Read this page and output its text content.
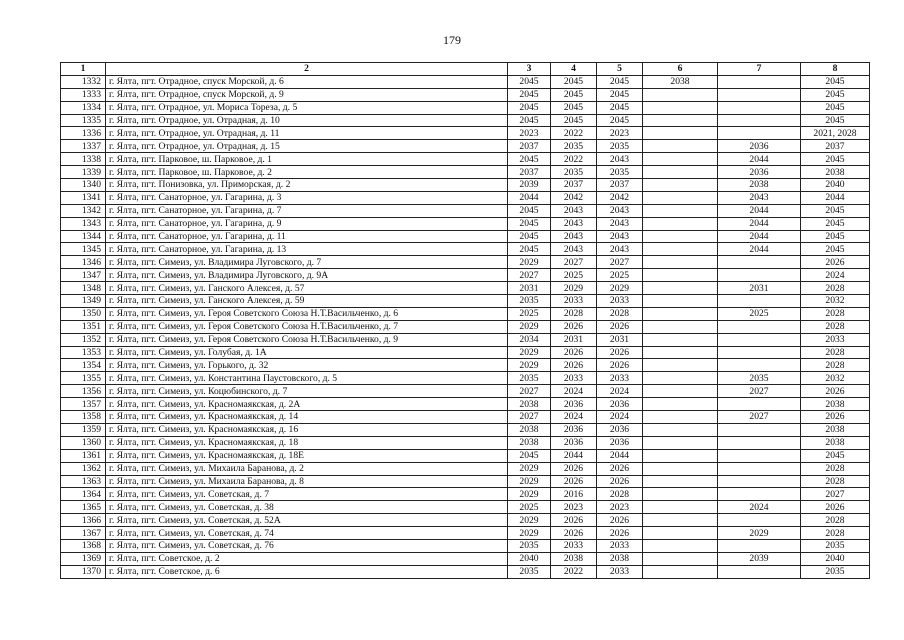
179
1	2	3	4	5	6	7	8
1332	г. Ялта, пгт. Отрадное, спуск Морской, д. 6	2045	2045	2045	2038		2045
1333	г. Ялта, пгт. Отрадное, спуск Морской, д. 9	2045	2045	2045			2045
1334	г. Ялта, пгт. Отрадное, ул. Мориса Тореза, д. 5	2045	2045	2045			2045
1335	г. Ялта, пгт. Отрадное, ул. Отрадная, д. 10	2045	2045	2045			2045
1336	г. Ялта, пгт. Отрадное, ул. Отрадная, д. 11	2023	2022	2023			2021, 2028
1337	г. Ялта, пгт. Отрадное, ул. Отрадная, д. 15	2037	2035	2035		2036	2037
1338	г. Ялта, пгт. Парковое, ш. Парковое, д. 1	2045	2022	2043		2044	2045
1339	г. Ялта, пгт. Парковое, ш. Парковое, д. 2	2037	2035	2035		2036	2038
1340	г. Ялта, пгт. Понизовка, ул. Приморская, д. 2	2039	2037	2037		2038	2040
1341	г. Ялта, пгт. Санаторное, ул. Гагарина, д. 3	2044	2042	2042		2043	2044
1342	г. Ялта, пгт. Санаторное, ул. Гагарина, д. 7	2045	2043	2043		2044	2045
1343	г. Ялта, пгт. Санаторное, ул. Гагарина, д. 9	2045	2043	2043		2044	2045
1344	г. Ялта, пгт. Санаторное, ул. Гагарина, д. 11	2045	2043	2043		2044	2045
1345	г. Ялта, пгт. Санаторное, ул. Гагарина, д. 13	2045	2043	2043		2044	2045
1346	г. Ялта, пгт. Симеиз, ул. Владимира Луговского, д. 7	2029	2027	2027			2026
1347	г. Ялта, пгт. Симеиз, ул. Владимира Луговского, д. 9А	2027	2025	2025			2024
1348	г. Ялта, пгт. Симеиз, ул. Ганского Алексея, д. 57	2031	2029	2029		2031	2028
1349	г. Ялта, пгт. Симеиз, ул. Ганского Алексея, д. 59	2035	2033	2033			2032
1350	г. Ялта, пгт. Симеиз, ул. Героя Советского Союза Н.Т.Васильченко, д. 6	2025	2028	2028		2025	2028
1351	г. Ялта, пгт. Симеиз, ул. Героя Советского Союза Н.Т.Васильченко, д. 7	2029	2026	2026			2028
1352	г. Ялта, пгт. Симеиз, ул. Героя Советского Союза Н.Т.Васильченко, д. 9	2034	2031	2031			2033
1353	г. Ялта, пгт. Симеиз, ул. Голубая, д. 1А	2029	2026	2026			2028
1354	г. Ялта, пгт. Симеиз, ул. Горького, д. 32	2029	2026	2026			2028
1355	г. Ялта, пгт. Симеиз, ул. Константина Паустовского, д. 5	2035	2033	2033		2035	2032
1356	г. Ялта, пгт. Симеиз, ул. Коцюбинского, д. 7	2027	2024	2024		2027	2026
1357	г. Ялта, пгт. Симеиз, ул. Красномаякская, д. 2А	2038	2036	2036			2038
1358	г. Ялта, пгт. Симеиз, ул. Красномаякская, д. 14	2027	2024	2024		2027	2026
1359	г. Ялта, пгт. Симеиз, ул. Красномаякская, д. 16	2038	2036	2036			2038
1360	г. Ялта, пгт. Симеиз, ул. Красномаякская, д. 18	2038	2036	2036			2038
1361	г. Ялта, пгт. Симеиз, ул. Красномаякская, д. 18Е	2045	2044	2044			2045
1362	г. Ялта, пгт. Симеиз, ул. Михаила Баранова, д. 2	2029	2026	2026			2028
1363	г. Ялта, пгт. Симеиз, ул. Михаила Баранова, д. 8	2029	2026	2026			2028
1364	г. Ялта, пгт. Симеиз, ул. Советская, д. 7	2029	2016	2028			2027
1365	г. Ялта, пгт. Симеиз, ул. Советская, д. 38	2025	2023	2023		2024	2026
1366	г. Ялта, пгт. Симеиз, ул. Советская, д. 52А	2029	2026	2026			2028
1367	г. Ялта, пгт. Симеиз, ул. Советская, д. 74	2029	2026	2026		2029	2028
1368	г. Ялта, пгт. Симеиз, ул. Советская, д. 76	2035	2033	2033			2035
1369	г. Ялта, пгт. Советское, д. 2	2040	2038	2038		2039	2040
1370	г. Ялта, пгт. Советское, д. 6	2035	2022	2033			2035
